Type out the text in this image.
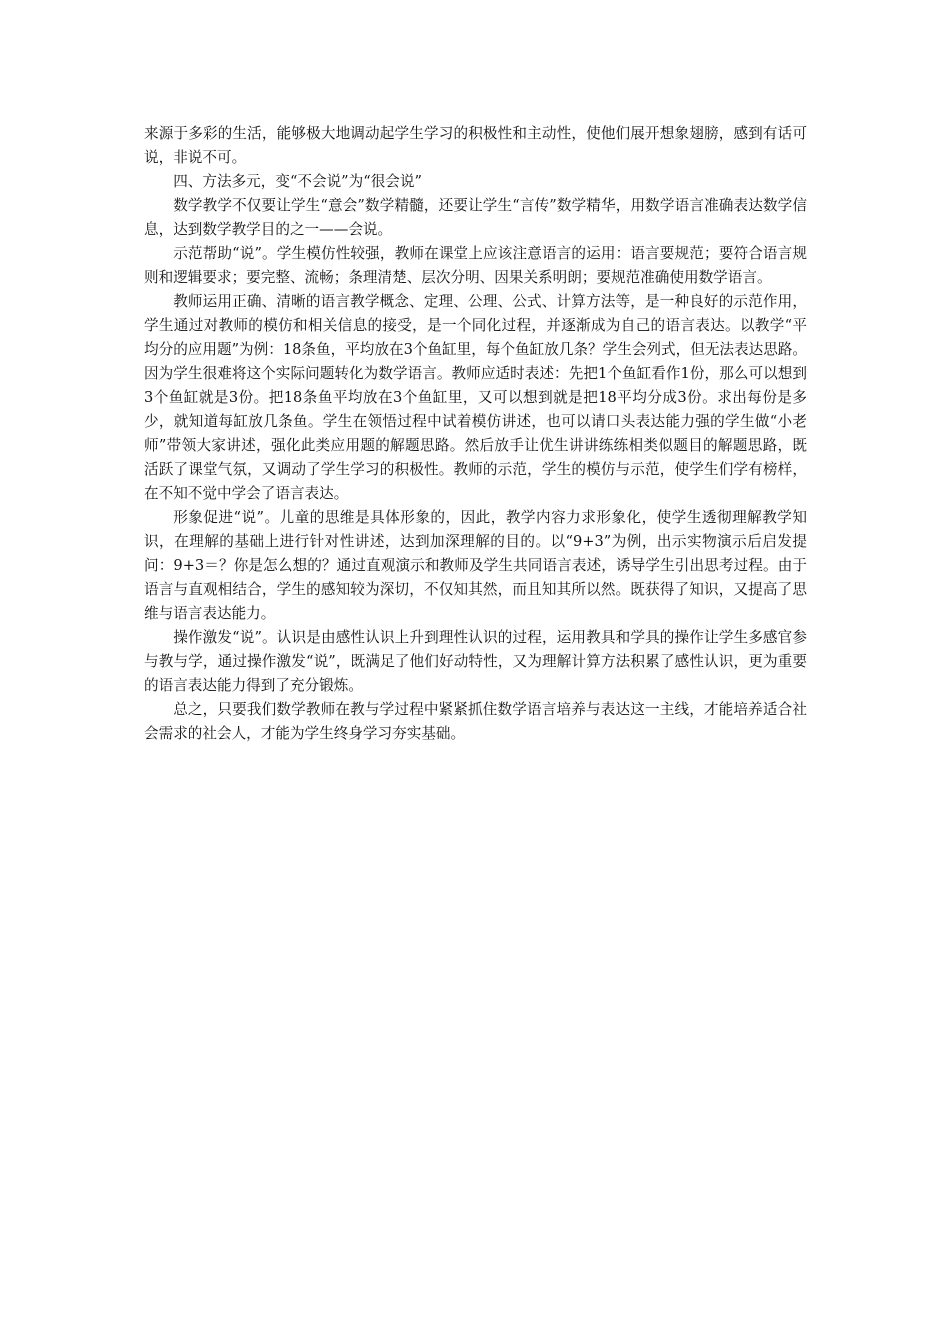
来源于多彩的生活，能够极大地调动起学生学习的积极性和主动性，使他们展开想象翅膀，感到有话可说，非说不可。

四、方法多元，变“不会说”为“很会说”

数学教学不仅要让学生“意会”数学精髓，还要让学生“言传”数学精华，用数学语言准确表达数学信息，达到数学教学目的之一——会说。

示范帮助“说”。学生模仿性较强，教师在课堂上应该注意语言的运用：语言要规范；要符合语言规则和逻辑要求；要完整、流畅；条理清楚、层次分明、因果关系明朗；要规范准确使用数学语言。

教师运用正确、清晰的语言教学概念、定理、公理、公式、计算方法等，是一种良好的示范作用，学生通过对教师的模仿和相关信息的接受，是一个同化过程，并逐渐成为自己的语言表达。以教学“平均分的应用题”为例：18条鱼，平均放在3个鱼缸里，每个鱼缸放几条？学生会列式，但无法表达思路。因为学生很难将这个实际问题转化为数学语言。教师应适时表述：先把1个鱼缸看作1份，那么可以想到3个鱼缸就是3份。把18条鱼平均放在3个鱼缸里，又可以想到就是把18平均分成3份。求出每份是多少，就知道每缸放几条鱼。学生在领悟过程中试着模仿讲述，也可以请口头表达能力强的学生做“小老师”带领大家讲述，强化此类应用题的解题思路。然后放手让优生讲讲练练相类似题目的解题思路，既活跃了课堂气氛，又调动了学生学习的积极性。教师的示范，学生的模仿与示范，使学生们学有榜样，在不知不觉中学会了语言表达。

形象促进“说”。儿童的思维是具体形象的，因此，教学内容力求形象化，使学生透彻理解教学知识，在理解的基础上进行针对性讲述，达到加深理解的目的。以“9+3”为例，出示实物演示后启发提问：9+3＝？你是怎么想的？通过直观演示和教师及学生共同语言表述，诱导学生引出思考过程。由于语言与直观相结合，学生的感知较为深切，不仅知其然，而且知其所以然。既获得了知识，又提高了思维与语言表达能力。

操作激发“说”。认识是由感性认识上升到理性认识的过程，运用教具和学具的操作让学生多感官参与教与学，通过操作激发“说”，既满足了他们好动特性，又为理解计算方法积累了感性认识，更为重要的语言表达能力得到了充分锻炼。

总之，只要我们数学教师在教与学过程中紧紧抓住数学语言培养与表达这一主线，才能培养适合社会需求的社会人，才能为学生终身学习夯实基础。
